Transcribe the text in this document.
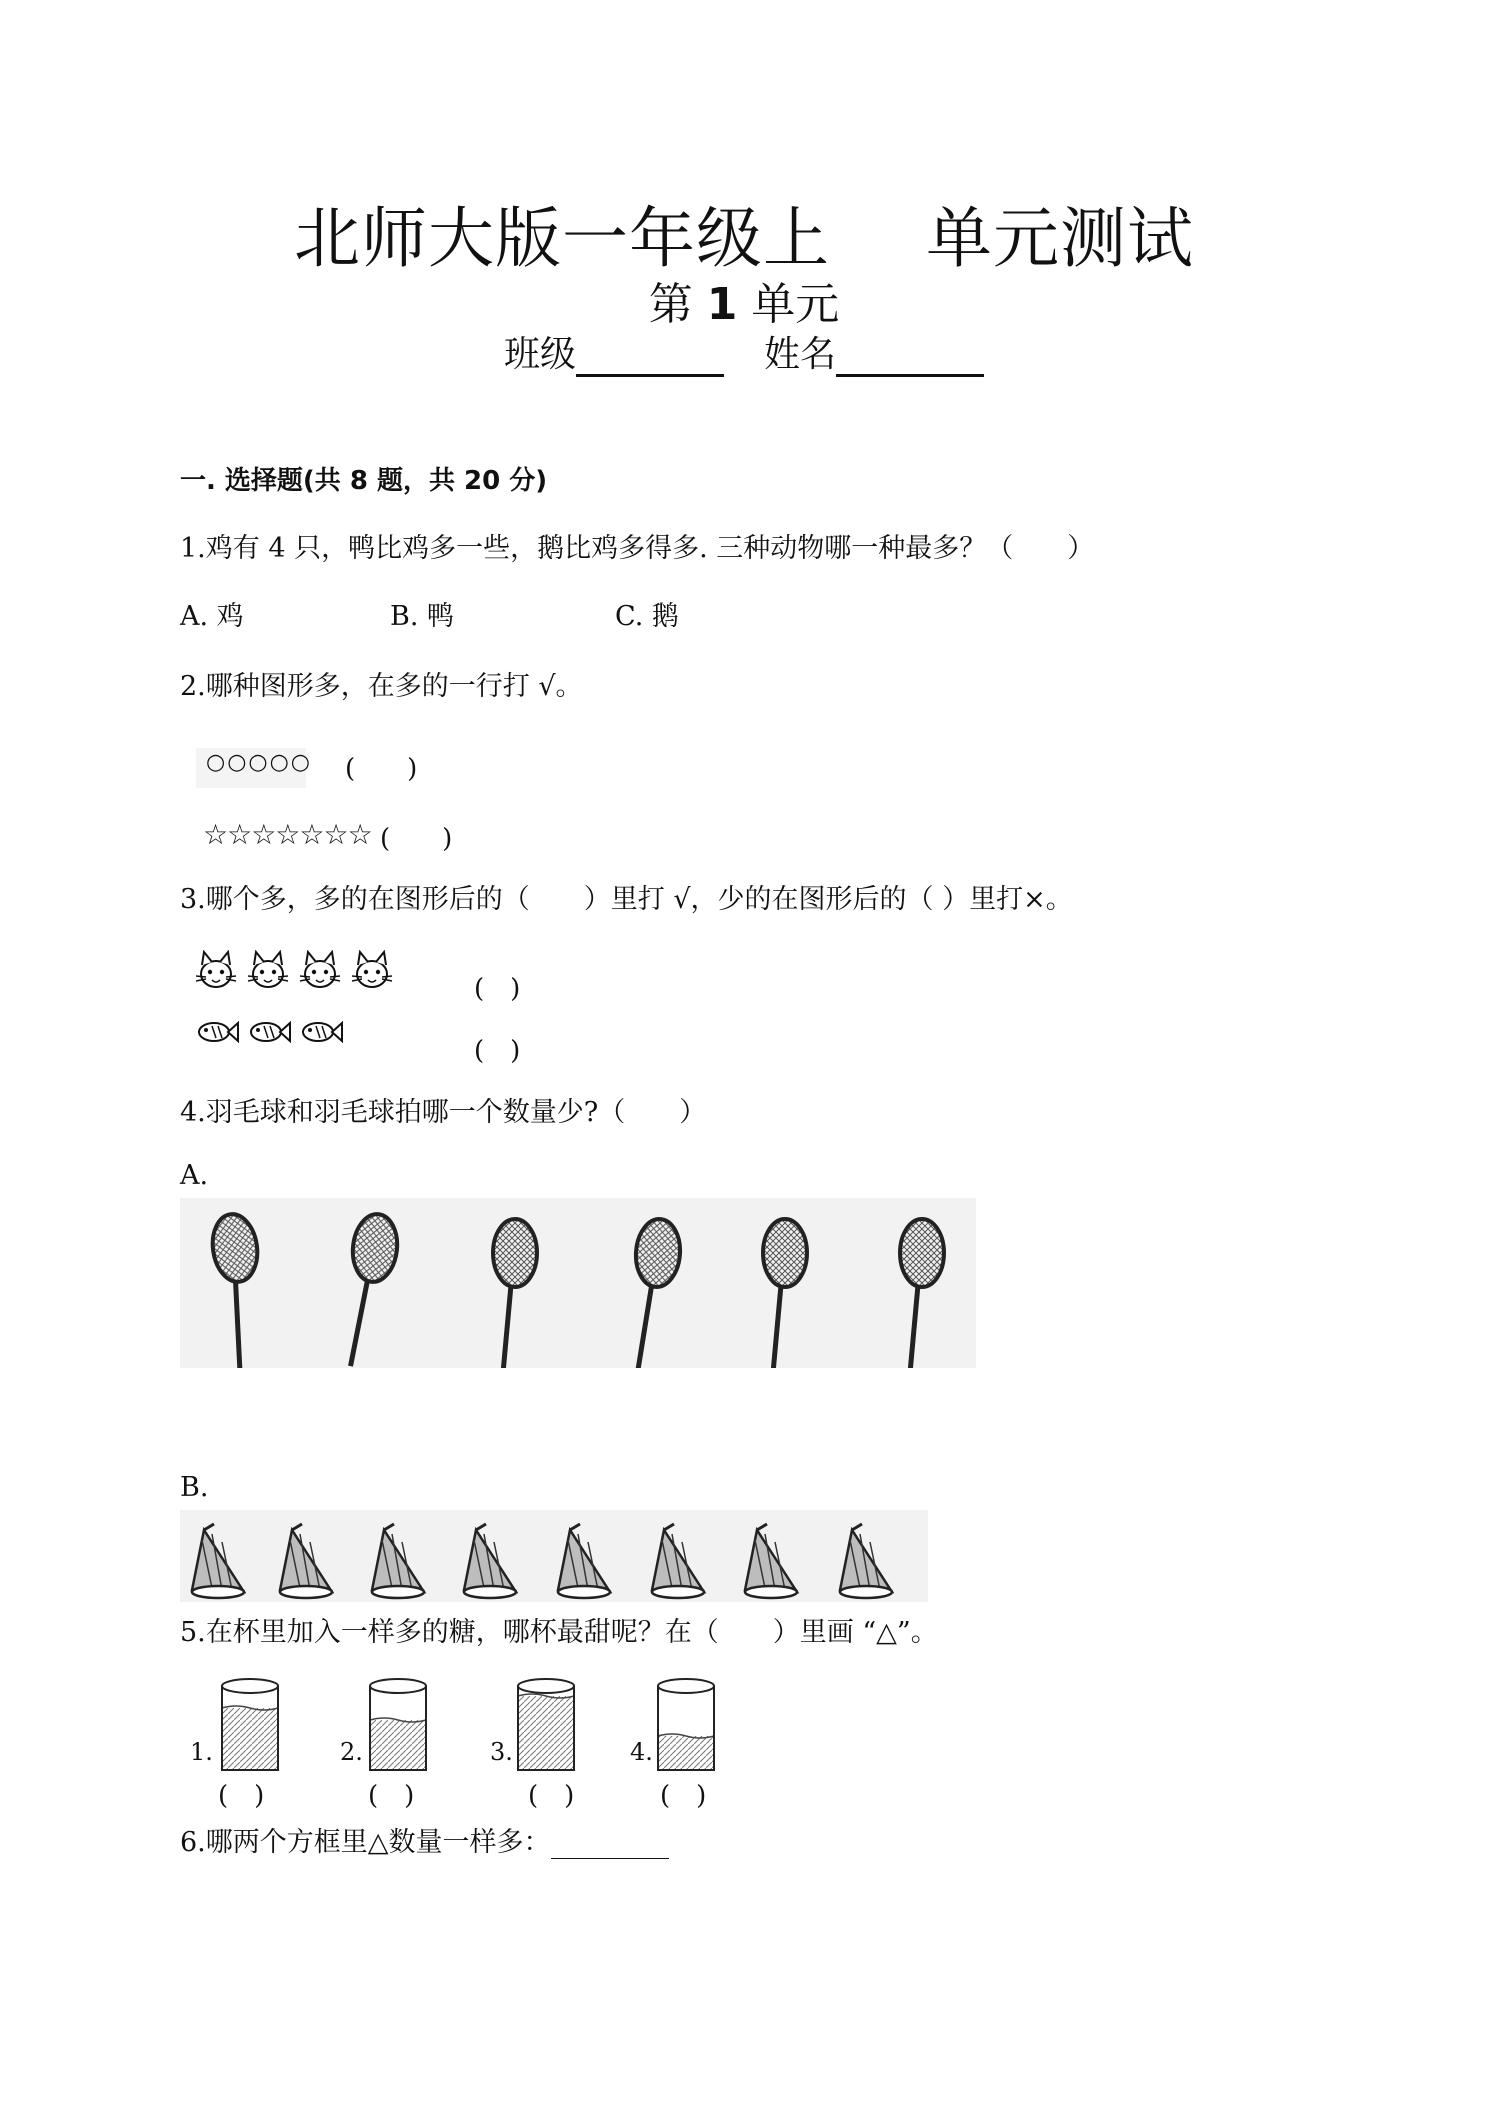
北师大版一年级上 单元测试
第 1 单元
班级	姓名
一. 选择题(共 8 题，共 20 分)
1.鸡有 4 只，鸭比鸡多一些，鹅比鸡多得多. 三种动物哪一种最多？（　　）
A. 鸡	B. 鸭	C. 鹅
2.哪种图形多，在多的一行打 √。
○○○○○ (　　)
☆☆☆☆☆☆☆ (　　)
3.哪个多，多的在图形后的（　　）里打 √，少的在图形后的（ ）里打×。
(　)
(　)
4.羽毛球和羽毛球拍哪一个数量少?（　　）
A.
B.
5.在杯里加入一样多的糖，哪杯最甜呢？在（　　）里画 “△”。
1.	2.	3.	4.
(　)	(　)	(　)	(　)
6.哪两个方框里△数量一样多：
